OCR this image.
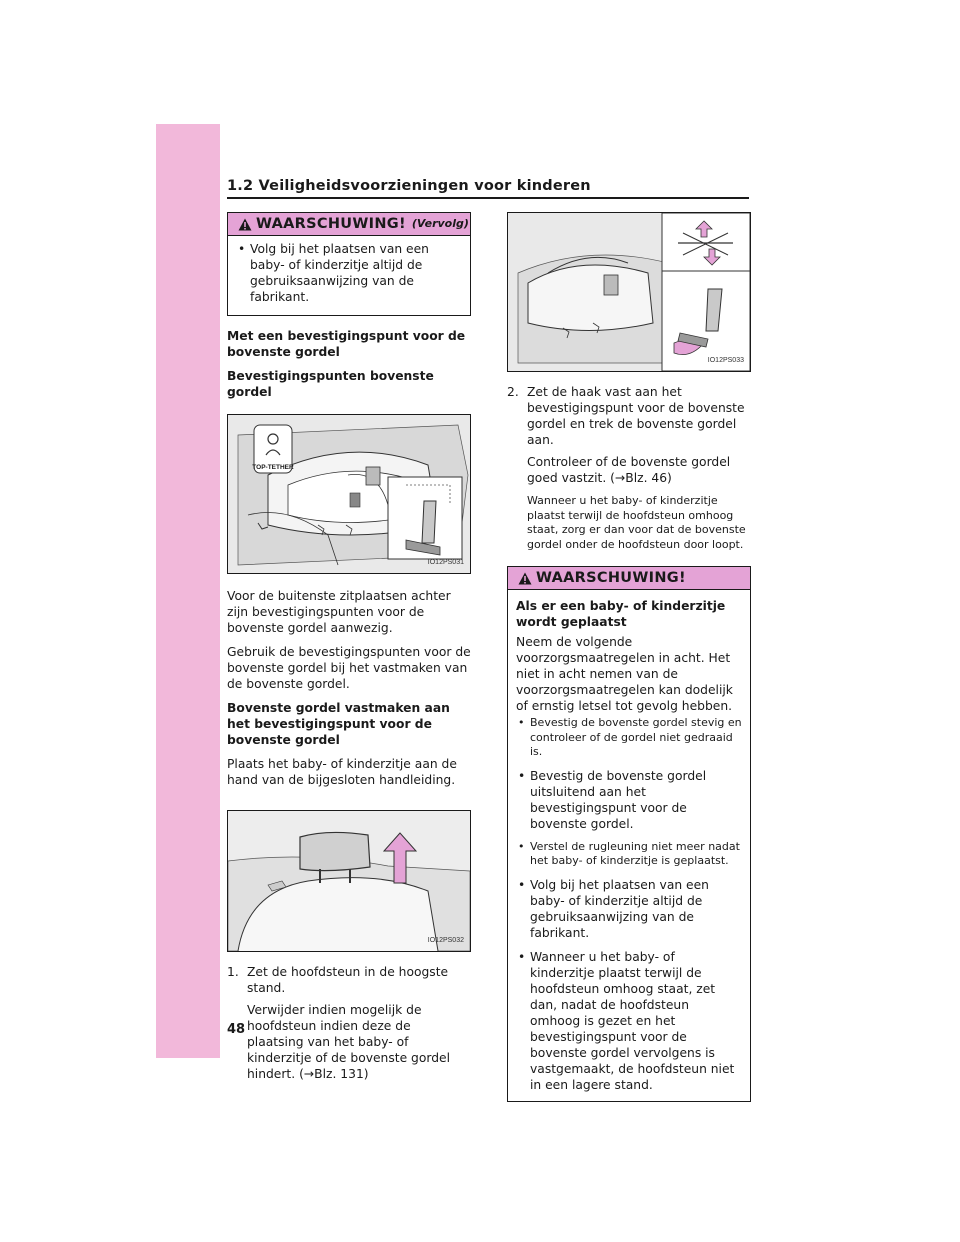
1.2 Veiligheidsvoorzieningen voor kinderen
WAARSCHUWING! (Vervolg)
• Volg bij het plaatsen van een baby- of kinderzitje altijd de gebruiksaanwijzing van de fabrikant.

Met een bevestigingspunt voor de bovenste gordel

Bevestigingspunten bovenste gordel

TOP-TETHER
IO12PS031

Voor de buitenste zitplaatsen achter zijn bevestigingspunten voor de bovenste gordel aanwezig.

Gebruik de bevestigingspunten voor de bovenste gordel bij het vastmaken van de bovenste gordel.

Bovenste gordel vastmaken aan het bevestigingspunt voor de bovenste gordel

Plaats het baby- of kinderzitje aan de hand van de bijgesloten handleiding.

IO12PS032
1. Zet de hoofdsteun in de hoogste stand.

Verwijder indien mogelijk de hoofdsteun indien deze de plaatsing van het baby- of kinderzitje of de bovenste gordel hindert. (→Blz. 131)

IO12PS033
2. Zet de haak vast aan het bevestigingspunt voor de bovenste gordel en trek de bovenste gordel aan.

Controleer of de bovenste gordel goed vastzit. (→Blz. 46)

Wanneer u het baby- of kinderzitje plaatst terwijl de hoofdsteun omhoog staat, zorg er dan voor dat de bovenste gordel onder de hoofdsteun door loopt.

WAARSCHUWING!

Als er een baby- of kinderzitje wordt geplaatst

Neem de volgende voorzorgsmaatregelen in acht. Het niet in acht nemen van de voorzorgsmaatregelen kan dodelijk of ernstig letsel tot gevolg hebben.

• Bevestig de bovenste gordel stevig en controleer of de gordel niet gedraaid is.
• Bevestig de bovenste gordel uitsluitend aan het bevestigingspunt voor de bovenste gordel.
• Verstel de rugleuning niet meer nadat het baby- of kinderzitje is geplaatst.
• Volg bij het plaatsen van een baby- of kinderzitje altijd de gebruiksaanwijzing van de fabrikant.
• Wanneer u het baby- of kinderzitje plaatst terwijl de hoofdsteun omhoog staat, zet dan, nadat de hoofdsteun omhoog is gezet en het bevestigingspunt voor de bovenste gordel vervolgens is vastgemaakt, de hoofdsteun niet in een lagere stand.
48
